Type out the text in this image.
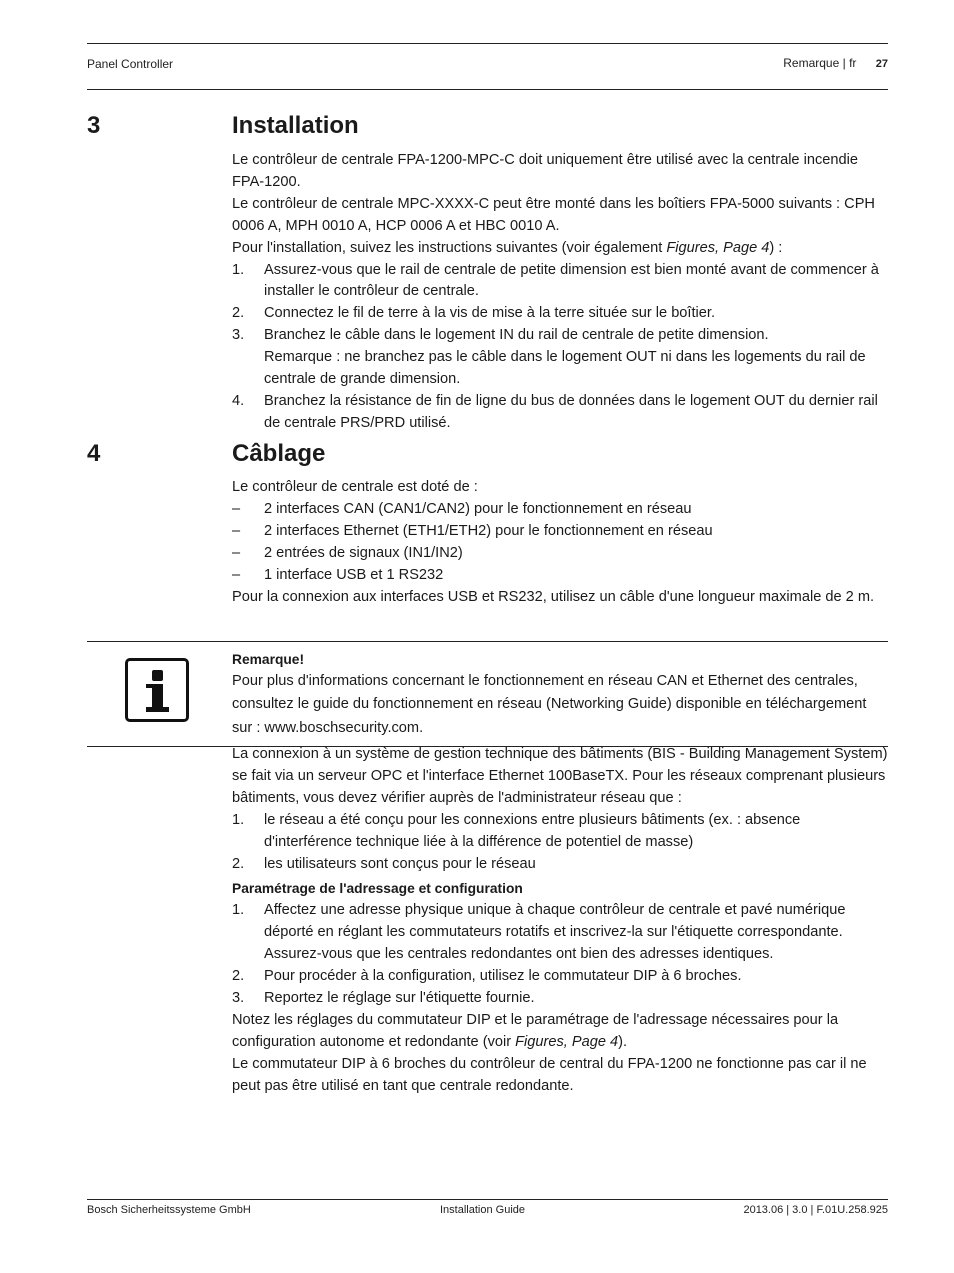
Panel Controller	Remarque | fr 27
3	Installation

Le contrôleur de centrale FPA-1200-MPC-C doit uniquement être utilisé avec la centrale incendie FPA-1200.

Le contrôleur de centrale MPC-XXXX-C peut être monté dans les boîtiers FPA-5000 suivants : CPH 0006 A, MPH 0010 A, HCP 0006 A et HBC 0010 A.

Pour l'installation, suivez les instructions suivantes (voir également Figures, Page 4) :

1. Assurez-vous que le rail de centrale de petite dimension est bien monté avant de commencer à installer le contrôleur de centrale.
2. Connectez le fil de terre à la vis de mise à la terre située sur le boîtier.
3. Branchez le câble dans le logement IN du rail de centrale de petite dimension.
Remarque : ne branchez pas le câble dans le logement OUT ni dans les logements du rail de centrale de grande dimension.
4. Branchez la résistance de fin de ligne du bus de données dans le logement OUT du dernier rail de centrale PRS/PRD utilisé.
4	Câblage

Le contrôleur de centrale est doté de :

– 2 interfaces CAN (CAN1/CAN2) pour le fonctionnement en réseau
– 2 interfaces Ethernet (ETH1/ETH2) pour le fonctionnement en réseau
– 2 entrées de signaux (IN1/IN2)
– 1 interface USB et 1 RS232

Pour la connexion aux interfaces USB et RS232, utilisez un câble d'une longueur maximale de 2 m.

Remarque!

Pour plus d'informations concernant le fonctionnement en réseau CAN et Ethernet des centrales, consultez le guide du fonctionnement en réseau (Networking Guide) disponible en téléchargement sur : www.boschsecurity.com.

La connexion à un système de gestion technique des bâtiments (BIS - Building Management System) se fait via un serveur OPC et l'interface Ethernet 100BaseTX. Pour les réseaux comprenant plusieurs bâtiments, vous devez vérifier auprès de l'administrateur réseau que :

1. le réseau a été conçu pour les connexions entre plusieurs bâtiments (ex. : absence d'interférence technique liée à la différence de potentiel de masse)
2. les utilisateurs sont conçus pour le réseau

Paramétrage de l'adressage et configuration

1. Affectez une adresse physique unique à chaque contrôleur de centrale et pavé numérique déporté en réglant les commutateurs rotatifs et inscrivez-la sur l'étiquette correspondante. Assurez-vous que les centrales redondantes ont bien des adresses identiques.
2. Pour procéder à la configuration, utilisez le commutateur DIP à 6 broches.
3. Reportez le réglage sur l'étiquette fournie.

Notez les réglages du commutateur DIP et le paramétrage de l'adressage nécessaires pour la configuration autonome et redondante (voir Figures, Page 4).

Le commutateur DIP à 6 broches du contrôleur de central du FPA-1200 ne fonctionne pas car il ne peut pas être utilisé en tant que centrale redondante.

Bosch Sicherheitssysteme GmbH	Installation Guide	2013.06 | 3.0 | F.01U.258.925
